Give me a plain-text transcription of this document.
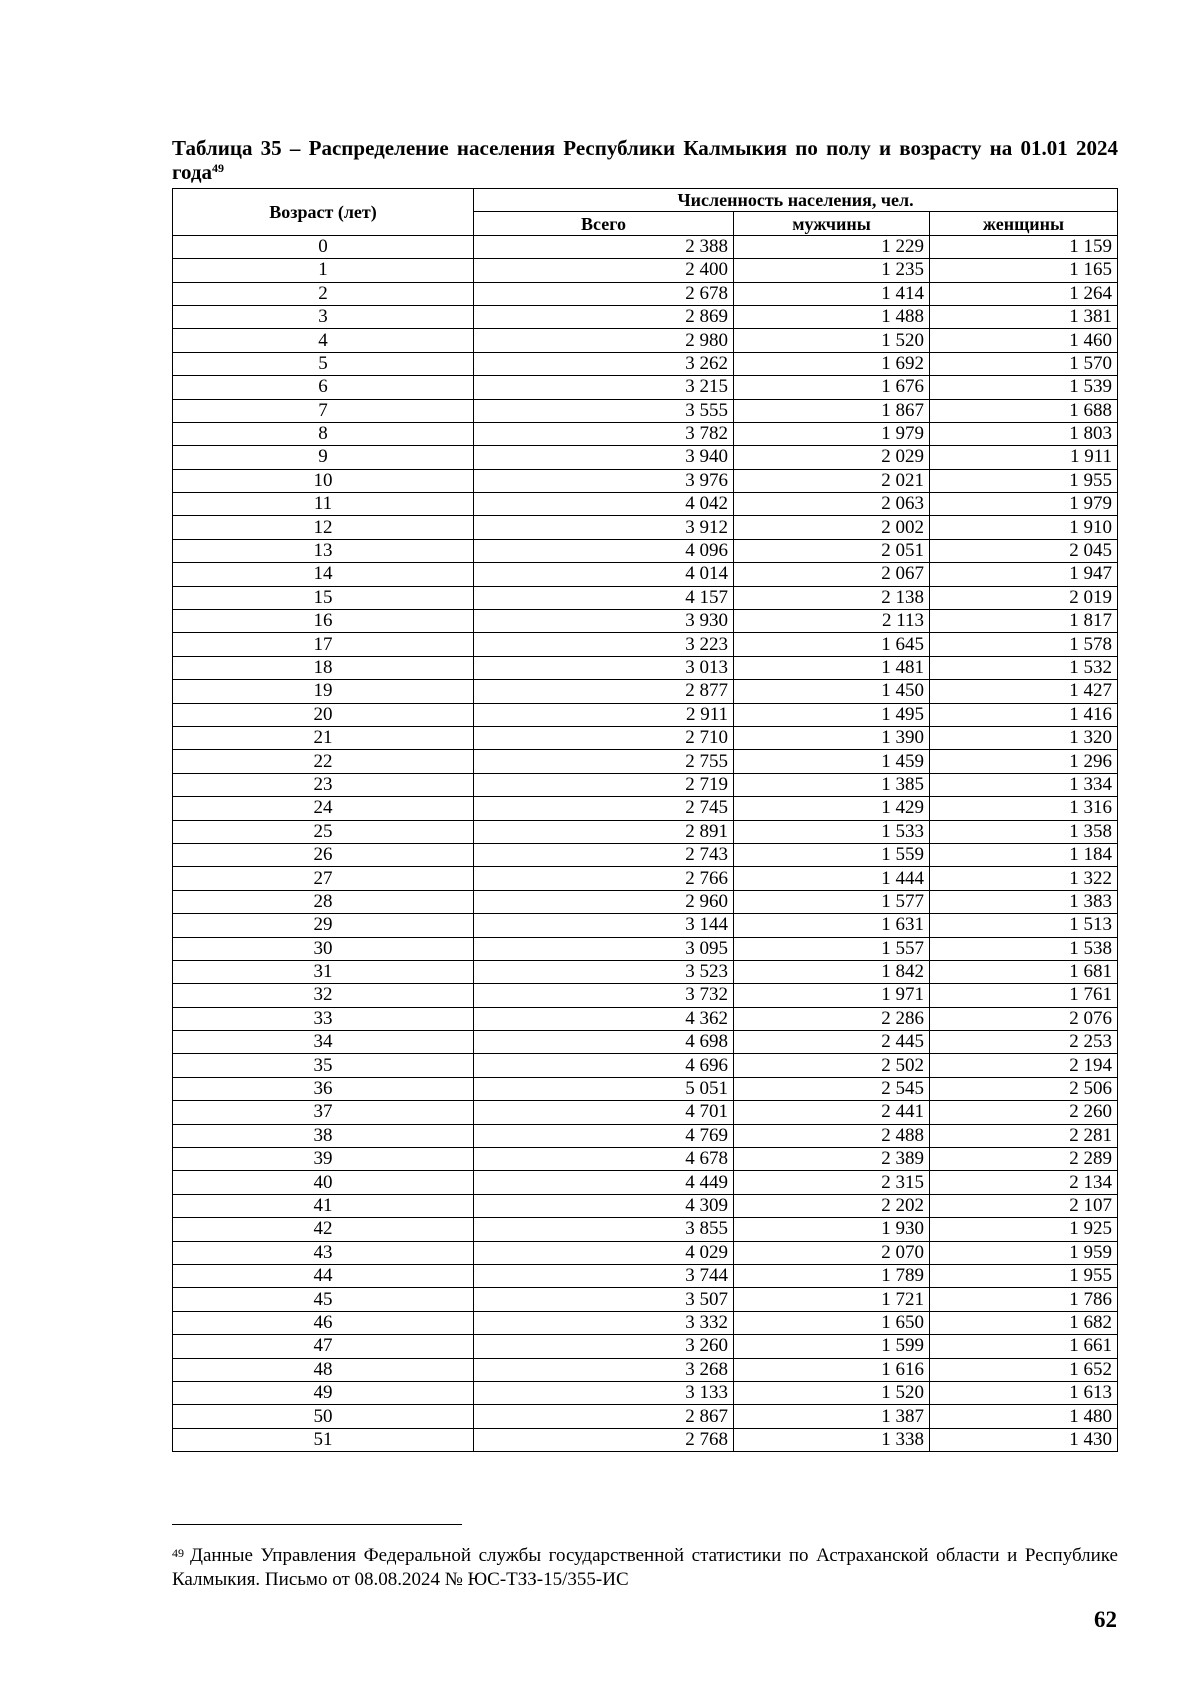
Таблица 35 – Распределение населения Республики Калмыкия по полу и возрасту на 01.01 2024 года$^{49}$
Возраст (лет)	Численность населения, чел.		
	Всего	мужчины	женщины
0	2 388	1 229	1 159
1	2 400	1 235	1 165
2	2 678	1 414	1 264
3	2 869	1 488	1 381
4	2 980	1 520	1 460
5	3 262	1 692	1 570
6	3 215	1 676	1 539
7	3 555	1 867	1 688
8	3 782	1 979	1 803
9	3 940	2 029	1 911
10	3 976	2 021	1 955
11	4 042	2 063	1 979
12	3 912	2 002	1 910
13	4 096	2 051	2 045
14	4 014	2 067	1 947
15	4 157	2 138	2 019
16	3 930	2 113	1 817
17	3 223	1 645	1 578
18	3 013	1 481	1 532
19	2 877	1 450	1 427
20	2 911	1 495	1 416
21	2 710	1 390	1 320
22	2 755	1 459	1 296
23	2 719	1 385	1 334
24	2 745	1 429	1 316
25	2 891	1 533	1 358
26	2 743	1 559	1 184
27	2 766	1 444	1 322
28	2 960	1 577	1 383
29	3 144	1 631	1 513
30	3 095	1 557	1 538
31	3 523	1 842	1 681
32	3 732	1 971	1 761
33	4 362	2 286	2 076
34	4 698	2 445	2 253
35	4 696	2 502	2 194
36	5 051	2 545	2 506
37	4 701	2 441	2 260
38	4 769	2 488	2 281
39	4 678	2 389	2 289
40	4 449	2 315	2 134
41	4 309	2 202	2 107
42	3 855	1 930	1 925
43	4 029	2 070	1 959
44	3 744	1 789	1 955
45	3 507	1 721	1 786
46	3 332	1 650	1 682
47	3 260	1 599	1 661
48	3 268	1 616	1 652
49	3 133	1 520	1 613
50	2 867	1 387	1 480
51	2 768	1 338	1 430
$^{49}$ Данные Управления Федеральной службы государственной статистики по Астраханской области и Республике Калмыкия. Письмо от 08.08.2024 № ЮС-ТЗЗ-15/355-ИС
62
